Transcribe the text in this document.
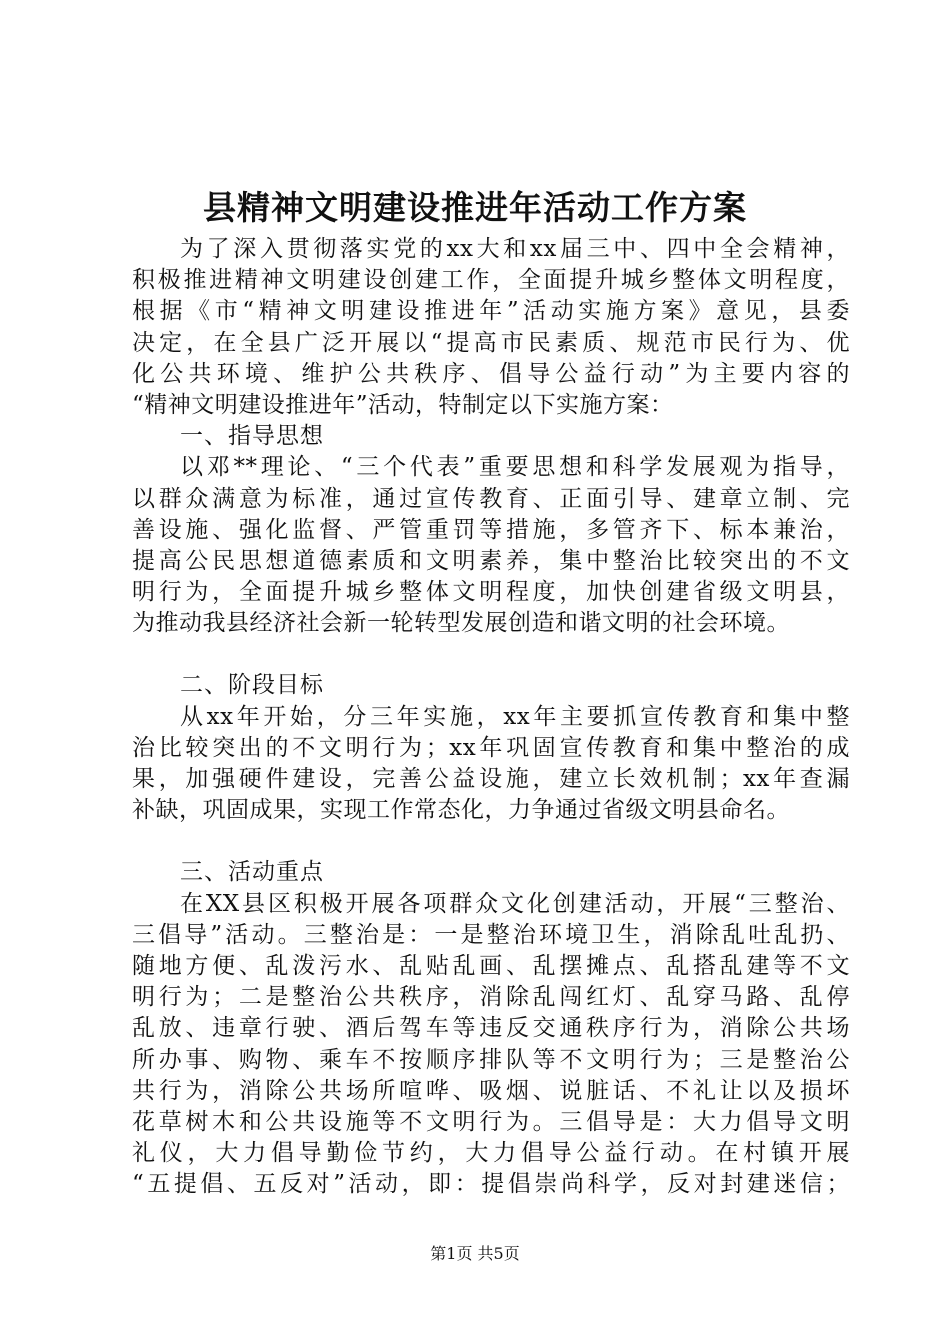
县精神文明建设推进年活动工作方案
为了深入贯彻落实党的xx大和xx届三中、四中全会精神，
积极推进精神文明建设创建工作，全面提升城乡整体文明程度，
根据《市“精神文明建设推进年”活动实施方案》意见，县委
决定，在全县广泛开展以“提高市民素质、规范市民行为、优
化公共环境、维护公共秩序、倡导公益行动”为主要内容的
“精神文明建设推进年”活动，特制定以下实施方案：
一、指导思想
以邓**理论、“三个代表”重要思想和科学发展观为指导，
以群众满意为标准，通过宣传教育、正面引导、建章立制、完
善设施、强化监督、严管重罚等措施，多管齐下、标本兼治，
提高公民思想道德素质和文明素养，集中整治比较突出的不文
明行为，全面提升城乡整体文明程度，加快创建省级文明县，
为推动我县经济社会新一轮转型发展创造和谐文明的社会环境。
二、阶段目标
从xx年开始，分三年实施，xx年主要抓宣传教育和集中整
治比较突出的不文明行为；xx年巩固宣传教育和集中整治的成
果，加强硬件建设，完善公益设施，建立长效机制；xx年查漏
补缺，巩固成果，实现工作常态化，力争通过省级文明县命名。
三、活动重点
在XX县区积极开展各项群众文化创建活动，开展“三整治、
三倡导”活动。三整治是：一是整治环境卫生，消除乱吐乱扔、
随地方便、乱泼污水、乱贴乱画、乱摆摊点、乱搭乱建等不文
明行为；二是整治公共秩序，消除乱闯红灯、乱穿马路、乱停
乱放、违章行驶、酒后驾车等违反交通秩序行为，消除公共场
所办事、购物、乘车不按顺序排队等不文明行为；三是整治公
共行为，消除公共场所喧哗、吸烟、说脏话、不礼让以及损坏
花草树木和公共设施等不文明行为。三倡导是：大力倡导文明
礼仪，大力倡导勤俭节约，大力倡导公益行动。在村镇开展
“五提倡、五反对”活动，即：提倡崇尚科学，反对封建迷信；
第1页 共5页
